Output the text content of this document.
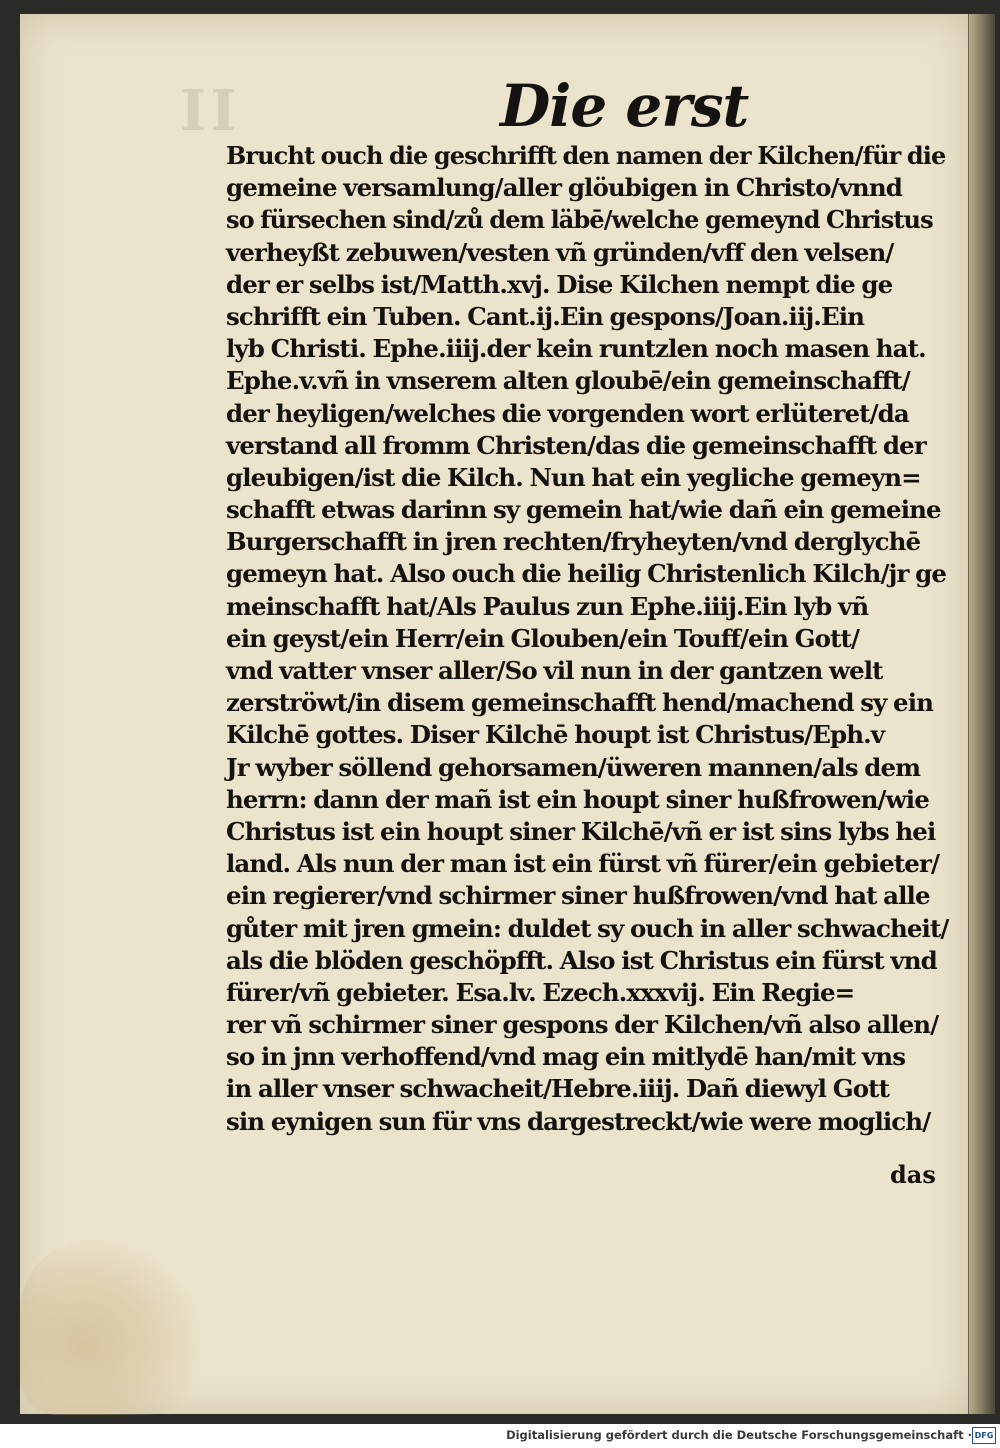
II	Die erst
Brucht ouch die geschrifft den namen der Kilchen/für die
gemeine versamlung/aller glöubigen in Christo/vnnd
so fürsechen sind/zů dem läbē/welche gemeynd Christus
verheyßt zebuwen/vesten vñ gründen/vff den velsen/
der er selbs ist/Matth.xvj. Dise Kilchen nempt die ge
schrifft ein Tuben. Cant.ij.Ein gespons/Joan.iij.Ein
lyb Christi. Ephe.iiij.der kein runtzlen noch masen hat.
Ephe.v.vñ in vnserem alten gloubē/ein gemeinschafft/
der heyligen/welches die vorgenden wort erlüteret/da
verstand all fromm Christen/das die gemeinschafft der
gleubigen/ist die Kilch. Nun hat ein yegliche gemeyn=
schafft etwas darinn sy gemein hat/wie dañ ein gemeine
Burgerschafft in jren rechten/fryheyten/vnd derglychē
gemeyn hat. Also ouch die heilig Christenlich Kilch/jr ge
meinschafft hat/Als Paulus zun Ephe.iiij.Ein lyb vñ
ein geyst/ein Herr/ein Glouben/ein Touff/ein Gott/
vnd vatter vnser aller/So vil nun in der gantzen welt
zerströwt/in disem gemeinschafft hend/machend sy ein
Kilchē gottes. Diser Kilchē houpt ist Christus/Eph.v
Jr wyber söllend gehorsamen/üweren mannen/als dem
herrn: dann der mañ ist ein houpt siner hußfrowen/wie
Christus ist ein houpt siner Kilchē/vñ er ist sins lybs hei
land. Als nun der man ist ein fürst vñ fürer/ein gebieter/
ein regierer/vnd schirmer siner hußfrowen/vnd hat alle
gůter mit jren gmein: duldet sy ouch in aller schwacheit/
als die blöden geschöpfft. Also ist Christus ein fürst vnd
fürer/vñ gebieter. Esa.lv. Ezech.xxxvij. Ein Regie=
rer vñ schirmer siner gespons der Kilchen/vñ also allen/
so in jnn verhoffend/vnd mag ein mitlydē han/mit vns
in aller vnser schwacheit/Hebre.iiij. Dañ diewyl Gott
sin eynigen sun für vns dargestreckt/wie were moglich/
das
Digitalisierung gefördert durch die Deutsche Forschungsgemeinschaft · DFG
